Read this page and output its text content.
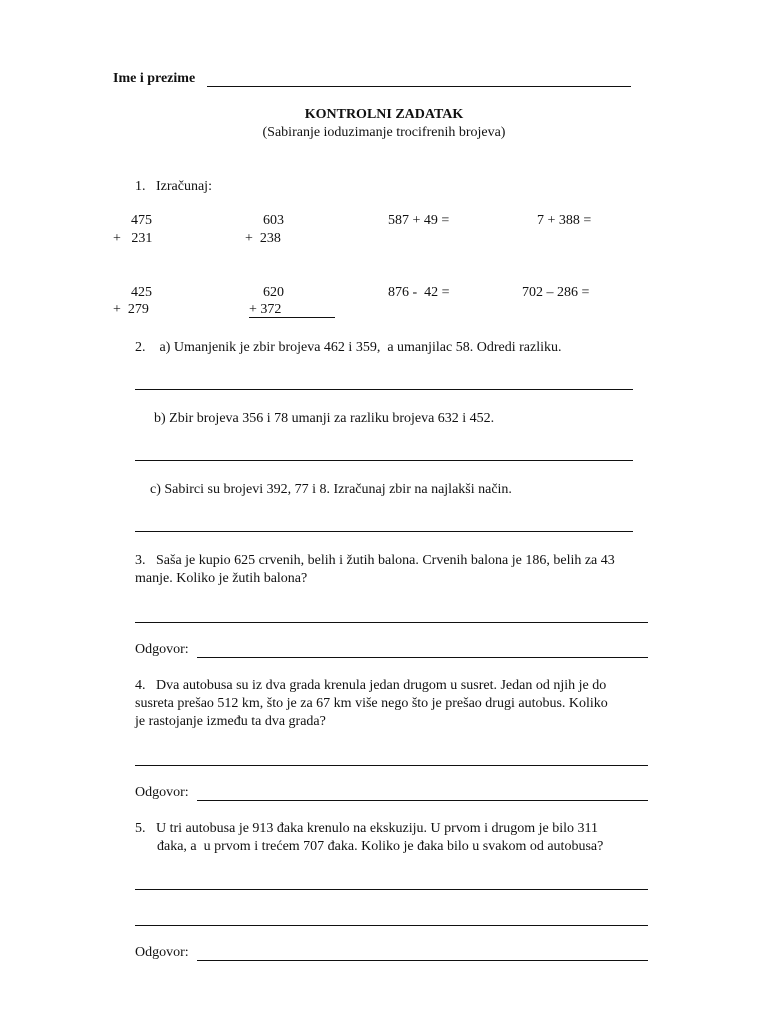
Ime i prezime
KONTROLNI ZADATAK
(Sabiranje ioduzimanje trocifrenih brojeva)
1.   Izračunaj:
475
+   231
603
+  238
587 + 49 =	7 + 388 =
425
+  279
620
+ 372
876 -  42 =	702 – 286 =
2.    a) Umanjenik je zbir brojeva 462 i 359,  a umanjilac 58. Odredi razliku.
b) Zbir brojeva 356 i 78 umanji za razliku brojeva 632 i 452.
c) Sabirci su brojevi 392, 77 i 8. Izračunaj zbir na najlakši način.
3.   Saša je kupio 625 crvenih, belih i žutih balona. Crvenih balona je 186, belih za 43
manje. Koliko je žutih balona?
Odgovor:
4.   Dva autobusa su iz dva grada krenula jedan drugom u susret. Jedan od njih je do
susreta prešao 512 km, što je za 67 km više nego što je prešao drugi autobus. Koliko
je rastojanje između ta dva grada?
Odgovor:
5.   U tri autobusa je 913 đaka krenulo na ekskuziju. U prvom i drugom je bilo 311
đaka, a  u prvom i trećem 707 đaka. Koliko je đaka bilo u svakom od autobusa?
Odgovor:
